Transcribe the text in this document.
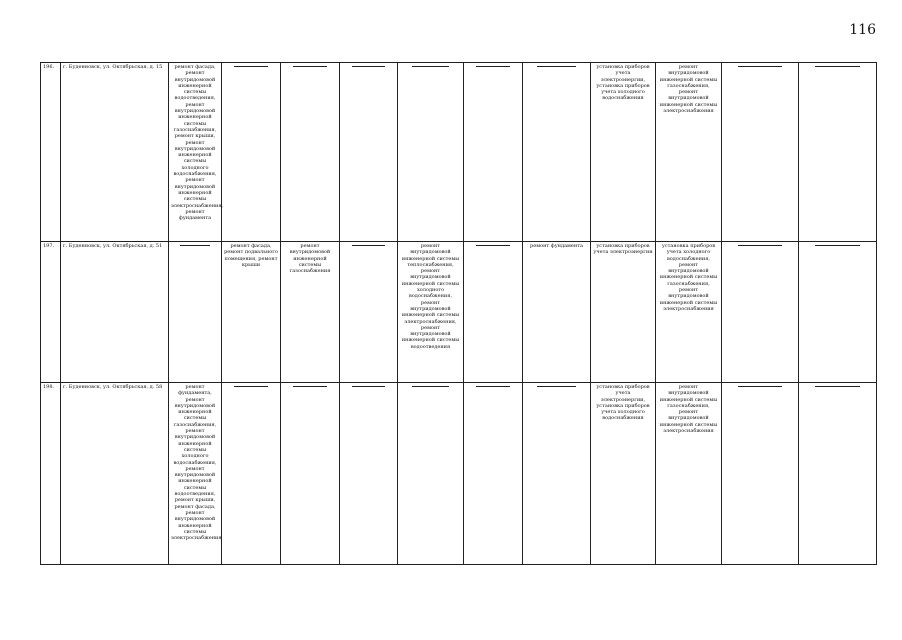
116
196.	г. Буденновск, ул. Октябрьская, д. 15	ремонт фасада, ремонт внутридомовой инженерной системы водоотведения, ремонт внутридомовой инженерной системы газоснабжения, ремонт крыши, ремонт внутридомовой инженерной системы холодного водоснабжения, ремонт внутридомовой инженерной системы электроснабжения, ремонт фундамента							установка приборов учета электроэнергии, установка приборов учета холодного водоснабжения	ремонт внутридомовой инженерной системы газоснабжения, ремонт внутридомовой инженерной системы электроснабжения	

197.	г. Буденновск, ул. Октябрьская, д. 51		ремонт фасада, ремонт подвального помещения, ремонт крыши	ремонт внутридомовой инженерной системы газоснабжения		ремонт внутридомовой инженерной системы теплоснабжения, ремонт внутридомовой инженерной системы холодного водоснабжения, ремонт внутридомовой инженерной системы электроснабжения, ремонт внутридомовой инженерной системы водоотведения		ремонт фундамента	установка приборов учета электроэнергии	установка приборов учета холодного водоснабжения, ремонт внутридомовой инженерной системы газоснабжения, ремонт внутридомовой инженерной системы электроснабжения	

198.	г. Буденновск, ул. Октябрьская, д. 58	ремонт фундамента, ремонт внутридомовой инженерной системы газоснабжения, ремонт внутридомовой инженерной системы холодного водоснабжения, ремонт внутридомовой инженерной системы водоотведения, ремонт крыши, ремонт фасада, ремонт внутридомовой инженерной системы электроснабжения							установка приборов учета электроэнергии, установка приборов учета холодного водоснабжения	ремонт внутридомовой инженерной системы газоснабжения, ремонт внутридомовой инженерной системы электроснабжения	
